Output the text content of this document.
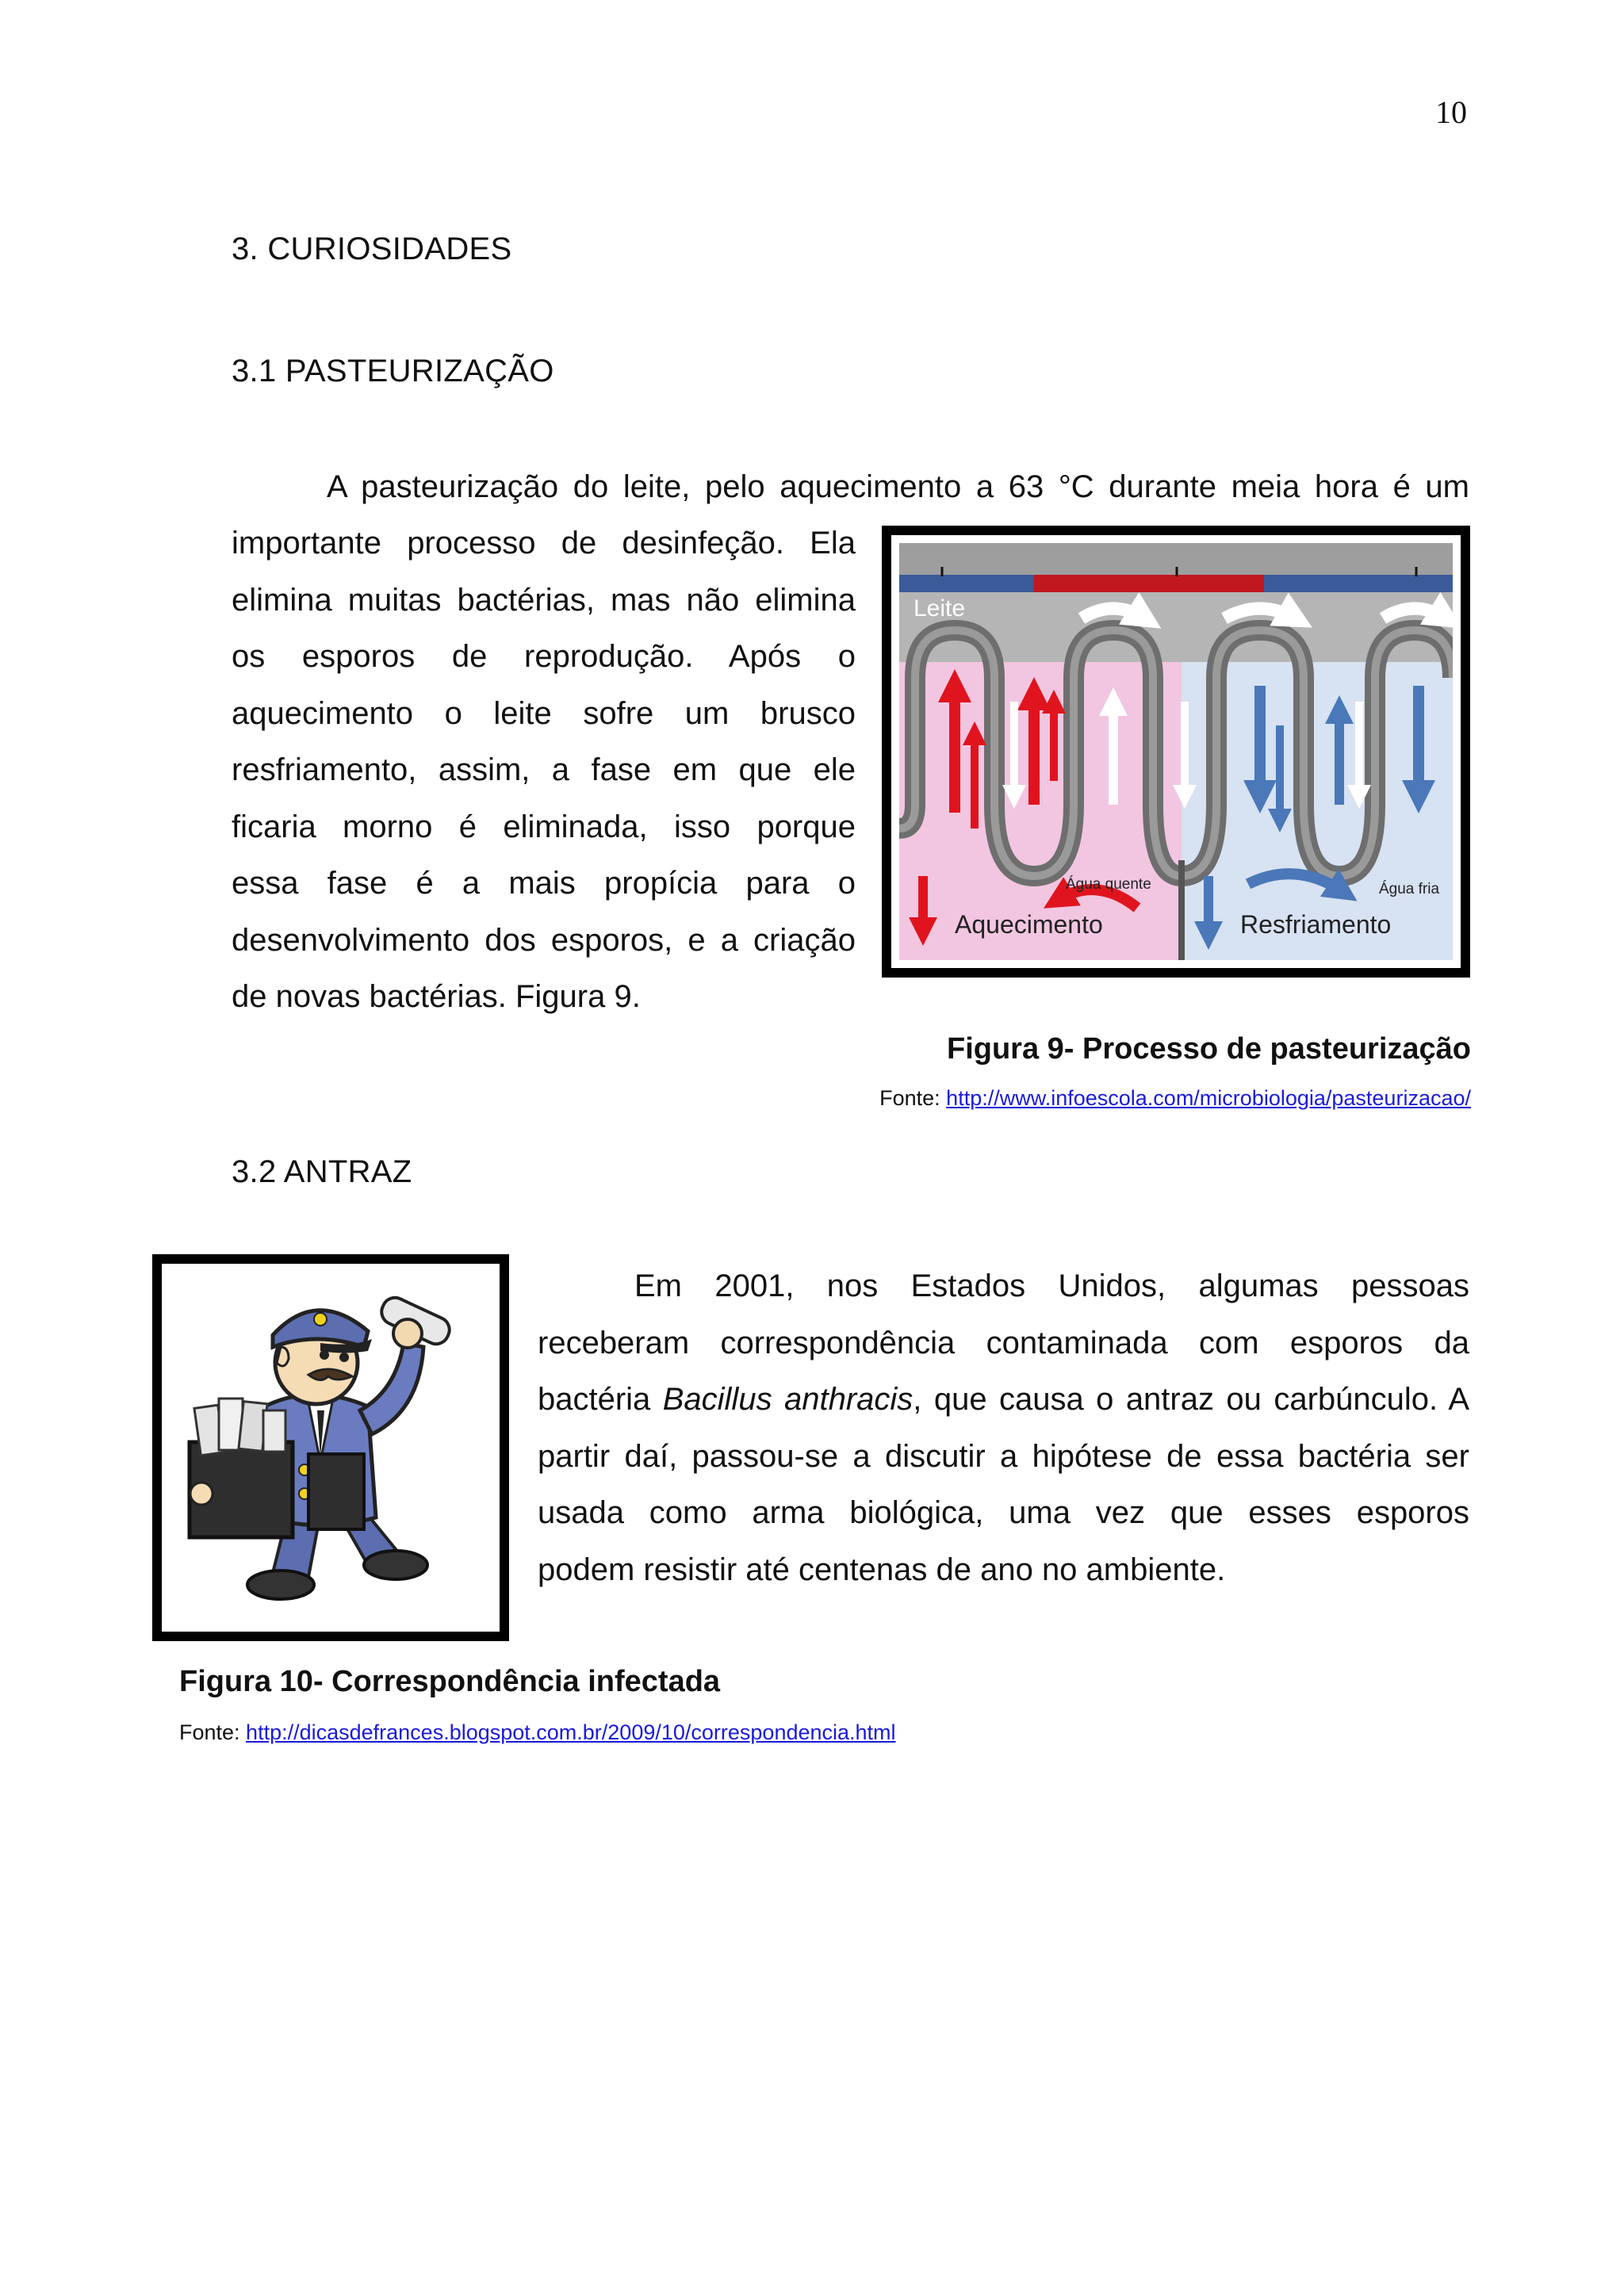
10
3. CURIOSIDADES
3.1 PASTEURIZAÇÃO
A pasteurização do leite, pelo aquecimento a 63 °C durante meia hora é um
importante processo de desinfeção. Ela
elimina muitas bactérias, mas não elimina
os esporos de reprodução. Após o
aquecimento o leite sofre um brusco
resfriamento, assim, a fase em que ele
ficaria morno é eliminada, isso porque
essa fase é a mais propícia para o
desenvolvimento dos esporos, e a criação
de novas bactérias. Figura 9.
Leite
Água quente	Água fria
Aquecimento	Resfriamento
Figura 9- Processo de pasteurização
Fonte: http://www.infoescola.com/microbiologia/pasteurizacao/
3.2 ANTRAZ
Em 2001, nos Estados Unidos, algumas pessoas
receberam correspondência contaminada com esporos da
bactéria Bacillus anthracis, que causa o antraz ou carbúnculo. A
partir daí, passou-se a discutir a hipótese de essa bactéria ser
usada como arma biológica, uma vez que esses esporos
podem resistir até centenas de ano no ambiente.
Figura 10- Correspondência infectada
Fonte: http://dicasdefrances.blogspot.com.br/2009/10/correspondencia.html
